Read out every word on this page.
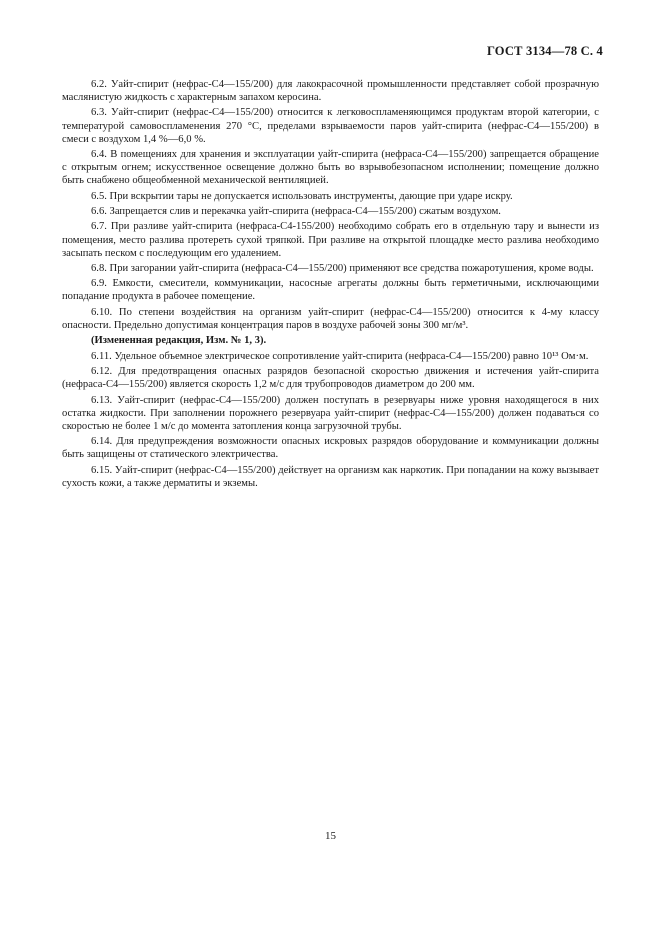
ГОСТ 3134—78 С. 4
6.2. Уайт-спирит (нефрас-С4—155/200) для лакокрасочной промышленности представляет собой прозрачную маслянистую жидкость с характерным запахом керосина.
6.3. Уайт-спирит (нефрас-С4—155/200) относится к легковоспламеняющимся продуктам второй категории, с температурой самовоспламенения 270 °С, пределами взрываемости паров уайт-спирита (нефрас-С4—155/200) в смеси с воздухом 1,4 %—6,0 %.
6.4. В помещениях для хранения и эксплуатации уайт-спирита (нефраса-С4—155/200) запрещается обращение с открытым огнем; искусственное освещение должно быть во взрывобезопасном исполнении; помещение должно быть снабжено общеобменной механической вентиляцией.
6.5. При вскрытии тары не допускается использовать инструменты, дающие при ударе искру.
6.6. Запрещается слив и перекачка уайт-спирита (нефраса-С4—155/200) сжатым воздухом.
6.7. При разливе уайт-спирита (нефраса-С4-155/200) необходимо собрать его в отдельную тару и вынести из помещения, место разлива протереть сухой тряпкой. При разливе на открытой площадке место разлива необходимо засыпать песком с последующим его удалением.
6.8. При загорании уайт-спирита (нефраса-С4—155/200) применяют все средства пожаротушения, кроме воды.
6.9. Емкости, смесители, коммуникации, насосные агрегаты должны быть герметичными, исключающими попадание продукта в рабочее помещение.
6.10. По степени воздействия на организм уайт-спирит (нефрас-С4—155/200) относится к 4-му классу опасности. Предельно допустимая концентрация паров в воздухе рабочей зоны 300 мг/м³.
(Измененная редакция, Изм. № 1, 3).
6.11. Удельное объемное электрическое сопротивление уайт-спирита (нефраса-С4—155/200) равно 10¹³ Ом·м.
6.12. Для предотвращения опасных разрядов безопасной скоростью движения и истечения уайт-спирита (нефраса-С4—155/200) является скорость 1,2 м/с для трубопроводов диаметром до 200 мм.
6.13. Уайт-спирит (нефрас-С4—155/200) должен поступать в резервуары ниже уровня находящегося в них остатка жидкости. При заполнении порожнего резервуара уайт-спирит (нефрас-С4—155/200) должен подаваться со скоростью не более 1 м/с до момента затопления конца загрузочной трубы.
6.14. Для предупреждения возможности опасных искровых разрядов оборудование и коммуникации должны быть защищены от статического электричества.
6.15. Уайт-спирит (нефрас-С4—155/200) действует на организм как наркотик. При попадании на кожу вызывает сухость кожи, а также дерматиты и экземы.
15
